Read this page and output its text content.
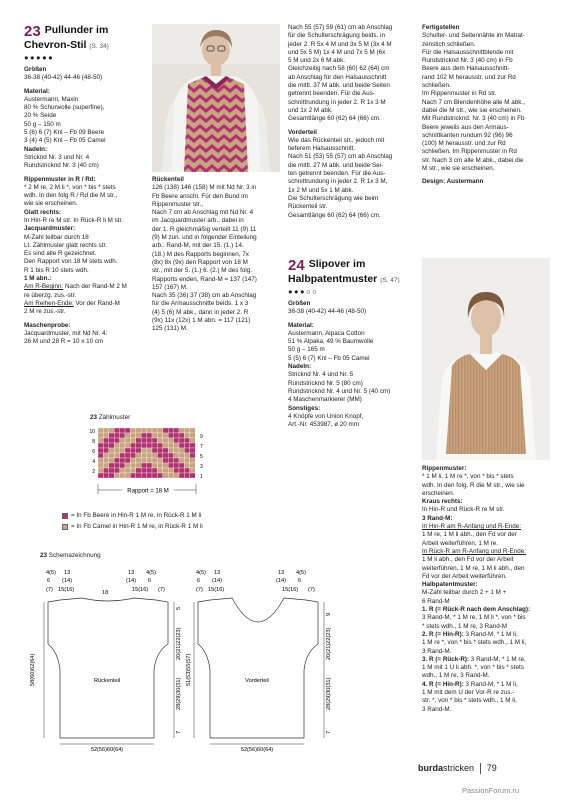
23 Pullunder im
Chevron-Stil (S. 34)
●●●●●
Größen
36-38 (40-42) 44-46 (48-50)
Material:
Austermann, Maxin
80 % Schurwolle (superfine),
20 % Seide
50 g – 150 m
5 (6) 6 (7) Knl – Fb 09 Beere
3 (4) 4 (5) Knl – Fb 05 Camel
Nadeln:
Stricknd Nr. 3 und Nr. 4
Rundstricknd Nr. 3 (40 cm)
Rippenmuster in R / Rd:
* 2 M re, 2 M li *, von * bis * stets
wdh. In den folg R / Rd die M str.,
wie sie erscheinen.
Glatt rechts:
In Hin-R re M str. In Rück-R li M str.
Jacquardmuster:
M-Zahl teilbar durch 18
Lt. Zählmuster glatt rechts str.
Es sind alle R gezeichnet.
Den Rapport von 18 M stets wdh.
R 1 bis R 10 stets wdh.
1 M abn.:
Am R-Beginn: Nach der Rand-M 2 M
re überzg. zus.-str.
Am Reihen-Ende: Vor der Rand-M
2 M re zus.-str.
Maschenprobe:
Jacquardmuster, mit Nd Nr. 4:
26 M und 28 R = 10 x 10 cm
Rückenteil
126 (138) 146 (158) M mit Nd Nr. 3 in
Fb Beere anschl. Für den Bund im
Rippenmuster str.,
Nach 7 cm ab Anschlag mit Nd Nr. 4
im Jacquardmuster arb., dabei in
der 1. R gleichmäßig verteilt 11 (9) 11
(9) M zun. und in folgender Einteilung
arb.: Rand-M, mit der 15. (1.) 14.
(18.) M des Rapports beginnen, 7x
(8x) 8x (9x) den Rapport von 18 M
str., mit der 5. (1.) 6. (2.) M des folg.
Rapports enden, Rand-M = 137 (147)
157 (167) M.
Nach 35 (36) 37 (38) cm ab Anschlag
für die Armausschnitte beids. 1 x 3
(4) 5 (6) M abk., dann in jeder 2. R
(9x) 11x (12x) 1 M abn. = 117 (121)
125 (131) M.
Nach 55 (57) 59 (61) cm ab Anschlag
für die Schulterschrägung beids. in
jeder 2. R 5x 4 M und 3x 5 M (3x 4 M
und 5x 5 M) 1x 4 M und 7x 5 M (6x
5 M und 2x 6 M abk.
Gleichzeitig nach 58 (60) 62 (64) cm
ab Anschlag für den Halsausschnitt
die mittl. 37 M abk. und beide Seiten
getrennt beenden. Für die Aus-
schnittrundung in jeder 2. R 1x 3 M
und 1x 2 M abk.
Gesamtlänge 60 (62) 64 (66) cm.
Vorderteil
Wie das Rückenteil str., jedoch mit
tieferem Halsausschnitt.
Nach 51 (53) 55 (57) cm ab Anschlag
die mittl. 27 M abk. und beide Sei-
ten getrennt beenden. Für die Aus-
schnittrundung in jeder 2. R 1x 3 M,
1x 2 M und 5x 1 M abk.
Die Schulterschrägung wie beim
Rückenteil str.
Gesamtlänge 60 (62) 64 (66) cm.
Fertigstellen
Schulter- und Seitennähte im Matrat-
zenstich schließen.
Für die Halsausschnittblende mit
Rundstricknd Nr. 3 (40 cm) in Fb
Beere aus dem Halsausschnitt-
rand 102 M herausstr. und zur Rd
schließen.
Im Rippenmuster in Rd str.
Nach 7 cm Blendenhöhe alle M abk.,
dabei die M str., wie sie erscheinen.
Mit Rundstricknd. Nr. 3 (40 cm) in Fb
Beere jeweils aus den Armaus-
schnittkanten rundum 92 (96) 96
(100) M herausstr. und zur Rd
schließen. Im Rippenmuster in Rd
str. Nach 3 cm alle M abk., dabei die
M str., wie sie erscheinen.
Design: Austermann
24 Slipover im
Halbpatentmuster (S. 47)
●●●○○
Größen
36-38 (40-42) 44-46 (48-50)
Material:
Austermann, Alpaca Cotton
51 % Alpaka, 49 % Baumwolle
50 g – 165 m
5 (5) 6 (7) Knl – Fb 05 Camel
Nadeln:
Stricknd Nr. 4 und Nr. 5
Rundstricknd Nr. 5 (80 cm)
Rundstricknd Nr. 4 und Nr. 5 (40 cm)
4 Maschenmarkierer (MM)
Sonstiges:
4 Knöpfe von Union Knopf,
Art.-Nr. 453987, ø 20 mm
Rippenmuster:
* 1 M li, 1 M re *, von * bis * stets
wdh. In den folg. R die M str., wie sie
erscheinen.
Kraus rechts:
In Hin-R und Rück-R re M str.
3 Rand-M:
In Hin-R am R-Anfang und R-Ende:
1 M re, 1 M li abh., den Fd vor der
Arbeit weiterführen, 1 M re.
In Rück-R am R-Anfang und R-Ende:
1 M li abh., den Fd vor der Arbeit
weiterführen, 1 M re, 1 M li abh., den
Fd vor der Arbeit weiterführen.
Halbpatentmuster:
M-Zahl teilbar durch 2 + 1 M +
6 Rand-M
1. R (= Rück-R nach dem Anschlag):
3 Rand-M, * 1 M re, 1 M li *, von * bis
* stets wdh., 1 M re, 3 Rand-M
2. R (= Hin-R): 3 Rand-M, * 1 M li,
1 M re *, von * bis * stets wdh., 1 M li,
3 Rand-M.
3. R (= Rück-R): 3 Rand-M, * 1 M re,
1 M mit 1 U li abh. *, von * bis * stets
wdh., 1 M re, 3 Rand-M.
4. R (= Hin-R): 3 Rand-M, * 1 M li,
1 M mit dem U der Vor-R re zus.-
str. *, von * bis * stets wdh., 1 M li,
3 Rand-M.
23 Zählmuster
10
8
6
4
2
9
7
5
3
1
Rapport = 18 M
= In Fb Beere in Hin-R 1 M re, in Rück-R 1 M li
= In Fb Camel in Hin-R 1 M re, in Rück-R 1 M li
23 Schemazeichnung
Rückenteil
4(5) 13	13 4(5)
6 (14)	(14) 6
(7) 15(16)	18	15(16) (7)
58(60)62(64)
5
20(21)22(23)
28(29)30(31)
7
52(56)60(64)
Vorderteil
4(5) 13	13 4(5)
6 (14)	(14) 6
(7) 15(16)	15(16) (7)
51(53)55(57)
9
20(21)22(23)
28(29)30(31)
7
52(56)60(64)
burdastricken 79
PassionForum.ru
